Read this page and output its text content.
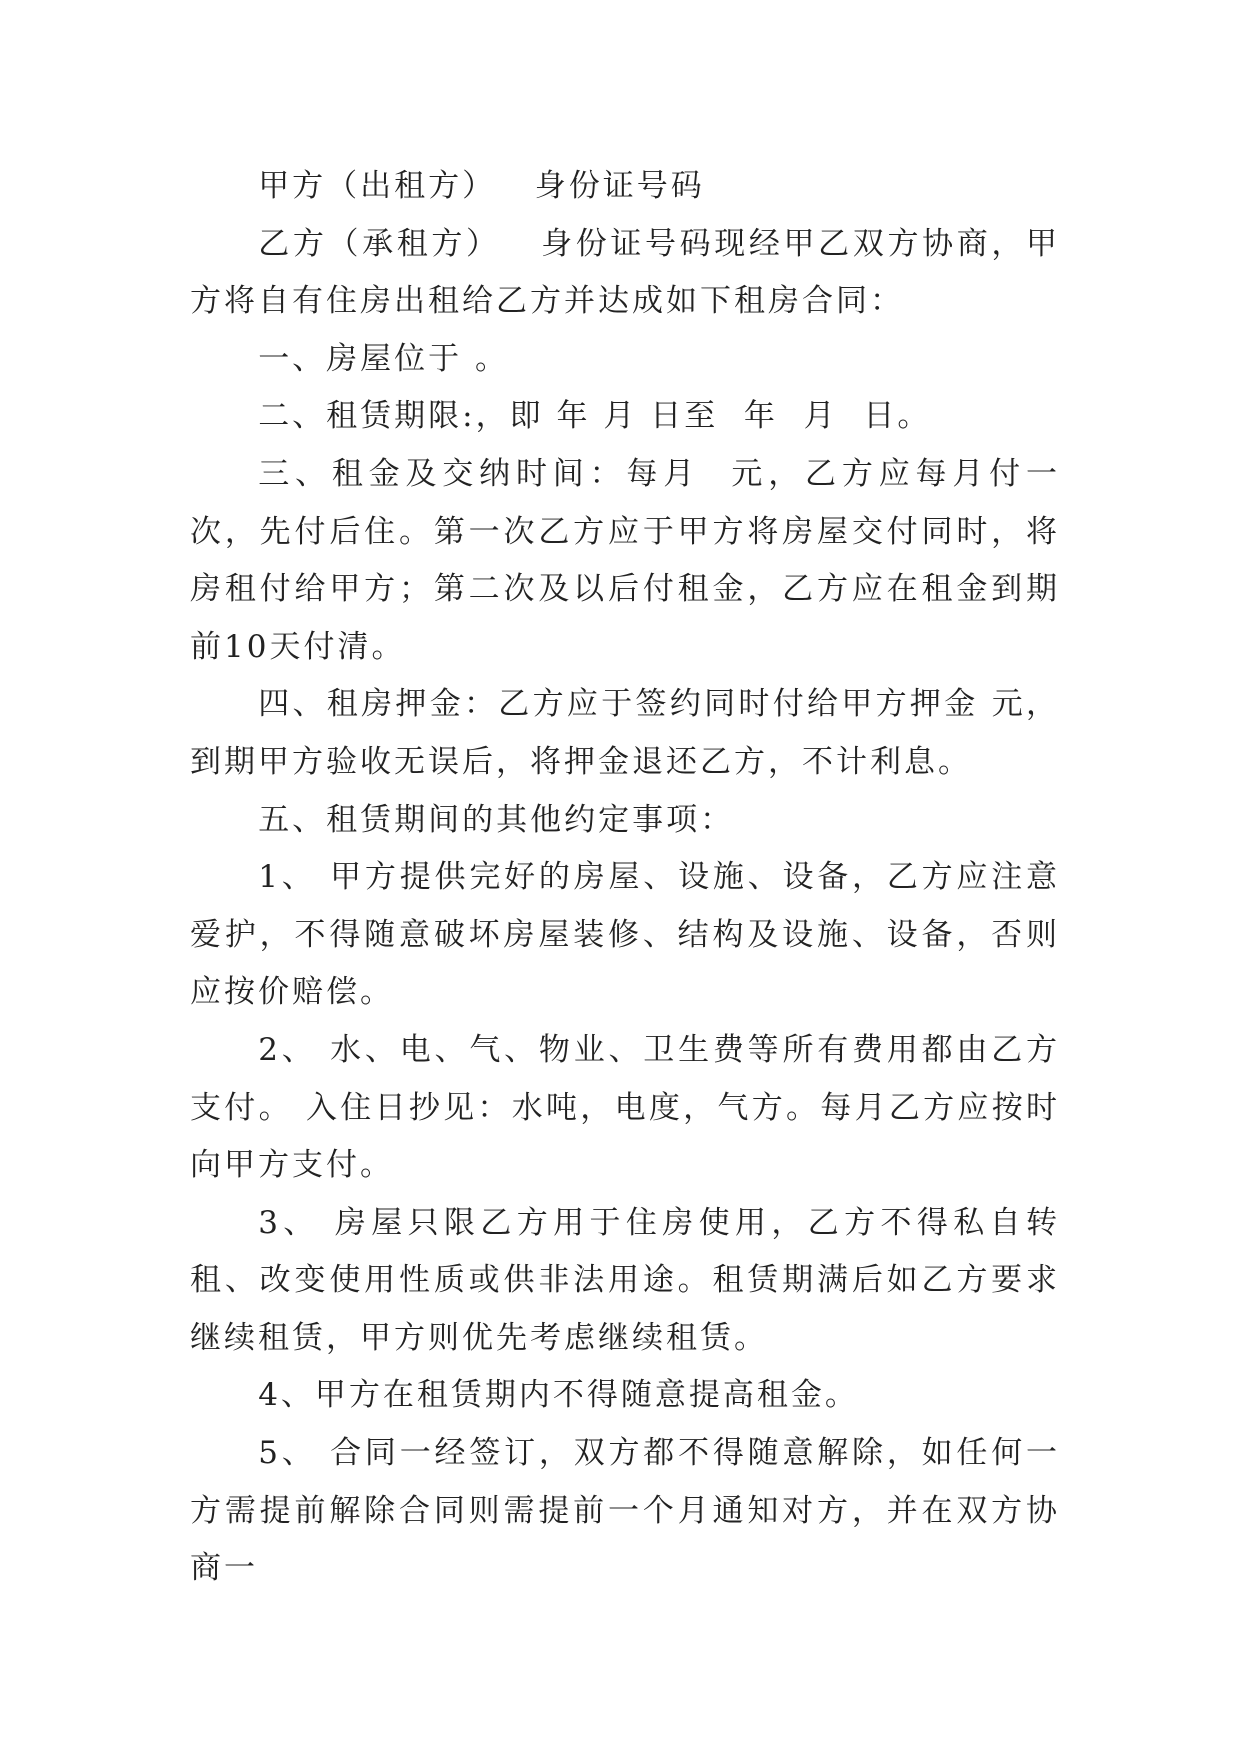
甲方（出租方）   身份证号码

乙方（承租方）   身份证号码现经甲乙双方协商，甲方将自有住房出租给乙方并达成如下租房合同：

一、房屋位于 。

二、租赁期限:，即 年 月 日至  年  月  日。

三、租金及交纳时间：每月  元，乙方应每月付一次，先付后住。第一次乙方应于甲方将房屋交付同时，将房租付给甲方；第二次及以后付租金，乙方应在租金到期前10天付清。

四、租房押金：乙方应于签约同时付给甲方押金 元，到期甲方验收无误后，将押金退还乙方，不计利息。

五、租赁期间的其他约定事项：

1、 甲方提供完好的房屋、设施、设备，乙方应注意爱护，不得随意破坏房屋装修、结构及设施、设备，否则应按价赔偿。

2、 水、电、气、物业、卫生费等所有费用都由乙方支付。 入住日抄见：水吨，电度，气方。每月乙方应按时向甲方支付。

3、 房屋只限乙方用于住房使用，乙方不得私自转租、改变使用性质或供非法用途。租赁期满后如乙方要求继续租赁，甲方则优先考虑继续租赁。

4、甲方在租赁期内不得随意提高租金。

5、 合同一经签订，双方都不得随意解除，如任何一方需提前解除合同则需提前一个月通知对方，并在双方协商一
